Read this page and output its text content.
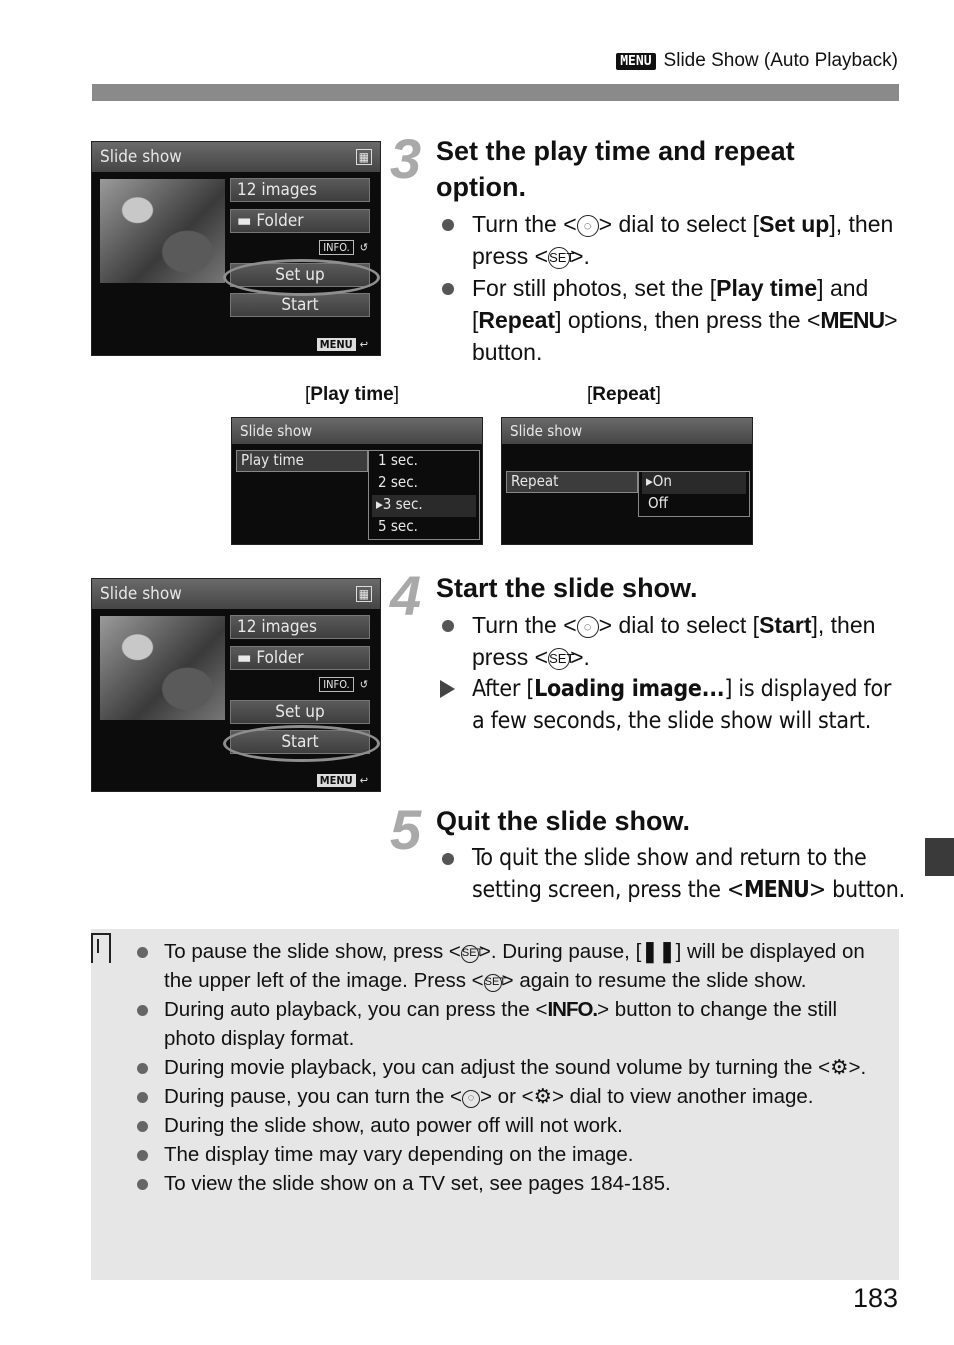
MENU Slide Show (Auto Playback)
Slide show	▦
12 images
▬ Folder
INFO. ↺
Set up
Start
MENU ↩
3 Set the play time and repeat option.
Turn the < ◌ > dial to select [Set up], then press <SET>.
For still photos, set the [Play time] and [Repeat] options, then press the <MENU> button.
[Play time]	[Repeat]
Slide show
Play time	1 sec.
2 sec.
▸3 sec.
5 sec.
Slide show
Repeat	▸On
Off
Slide show	▦
12 images
▬ Folder
INFO. ↺
Set up
Start
MENU ↩
4 Start the slide show.
Turn the < ◌ > dial to select [Start], then press <SET>.
After [Loading image...] is displayed for a few seconds, the slide show will start.
5 Quit the slide show.
To quit the slide show and return to the setting screen, press the <MENU> button.
To pause the slide show, press <SET>. During pause, [❚❚] will be displayed on the upper left of the image. Press <SET> again to resume the slide show.
During auto playback, you can press the <INFO.> button to change the still photo display format.
During movie playback, you can adjust the sound volume by turning the <⚙>.
During pause, you can turn the < ◌ > or <⚙> dial to view another image.
During the slide show, auto power off will not work.
The display time may vary depending on the image.
To view the slide show on a TV set, see pages 184-185.
183
